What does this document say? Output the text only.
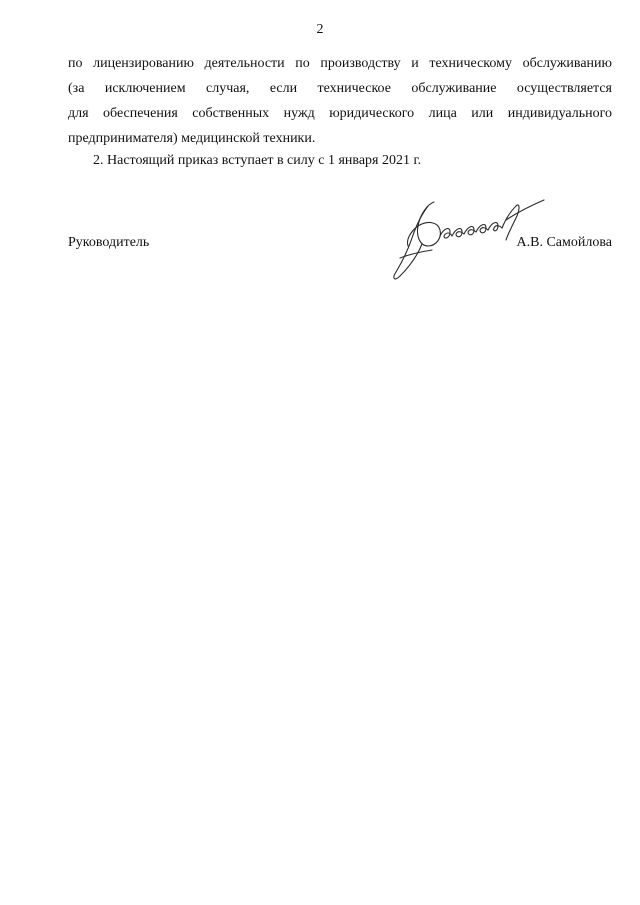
2
по лицензированию деятельности по производству и техническому обслуживанию
(за исключением случая, если техническое обслуживание осуществляется
для обеспечения собственных нужд юридического лица или индивидуального
предпринимателя) медицинской техники.
2. Настоящий приказ вступает в силу с 1 января 2021 г.
Руководитель	А.В. Самойлова
